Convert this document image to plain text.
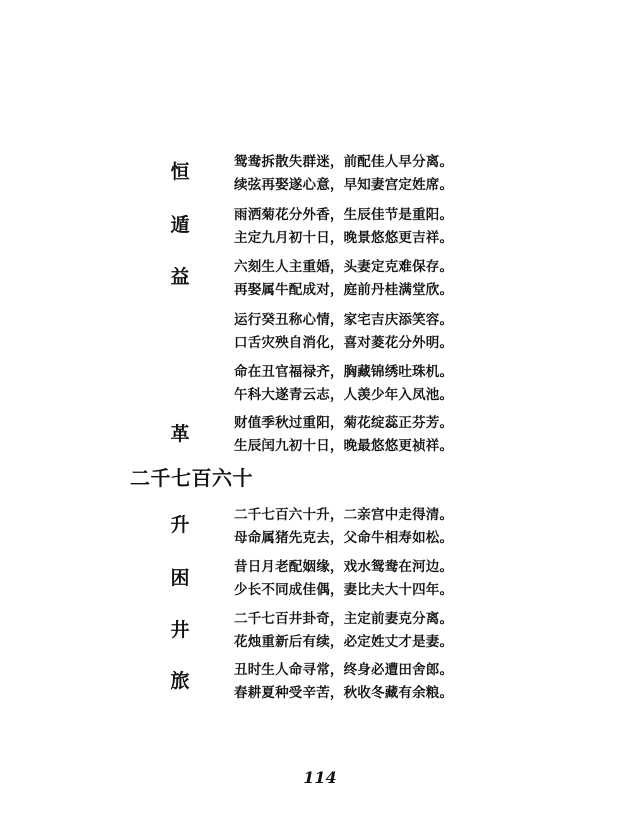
恒
遁
益
革
升
困
井
旅
鸳鸯拆散失群迷，前配佳人早分离。
续弦再娶遂心意，早知妻宫定姓席。
雨洒菊花分外香，生辰佳节是重阳。
主定九月初十日，晚景悠悠更吉祥。
六刻生人主重婚，头妻定克难保存。
再娶属牛配成对，庭前丹桂满堂欣。
运行癸丑称心情，家宅吉庆添笑容。
口舌灾殃自消化，喜对菱花分外明。
命在丑官福禄齐，胸藏锦绣吐珠机。
午科大遂青云志，人羡少年入凤池。
财值季秋过重阳，菊花绽蕊正芬芳。
生辰闰九初十日，晚最悠悠更祯祥。
二千七百六十
二千七百六十升，二亲宫中走得清。
母命属猪先克去，父命牛相寿如松。
昔日月老配姻缘，戏水鸳鸯在河边。
少长不同成佳偶，妻比夫大十四年。
二千七百井卦奇，主定前妻克分离。
花烛重新后有续，必定姓丈才是妻。
丑时生人命寻常，终身必遭田舍郎。
春耕夏种受辛苦，秋收冬藏有余粮。
114
